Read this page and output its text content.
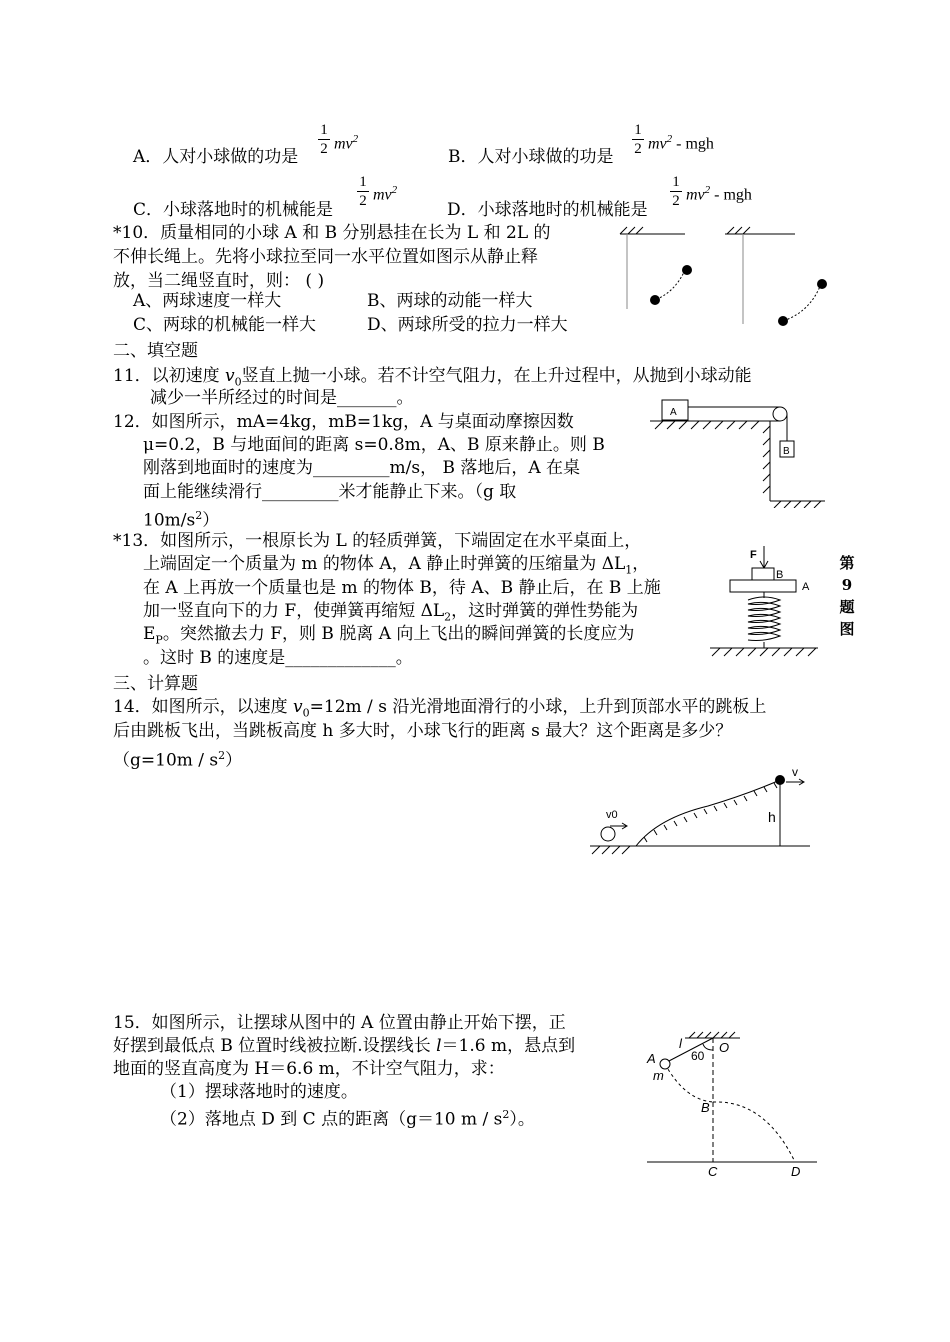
A．人对小球做的功是
1
2 $mv^2$
B．人对小球做的功是
1
2 $mv^2$ - mgh
C．小球落地时的机械能是
1
2 $mv^2$
D．小球落地时的机械能是
1
2 $mv^2$ - mgh
*10．质量相同的小球 A 和 B 分别悬挂在长为 L 和 2L 的
不伸长绳上。先将小球拉至同一水平位置如图示从静止释
放，当二绳竖直时，则： ( )
A、两球速度一样大	B、两球的动能一样大
C、两球的机械能一样大	D、两球所受的拉力一样大
二、填空题
11．以初速度 $v_0$竖直上抛一小球。若不计空气阻力，在上升过程中，从抛到小球动能
减少一半所经过的时间是_______。
12．如图所示，mA=4kg，mB=1kg，A 与桌面动摩擦因数
μ=0.2，B 与地面间的距离 s=0.8m，A、B 原来静止。则 B
刚落到地面时的速度为_________m/s， B 落地后，A 在桌
面上能继续滑行_________米才能静止下来。（g 取
$10m/s^2$）
A
B
*13．如图所示，一根原长为 L 的轻质弹簧，下端固定在水平桌面上，
上端固定一个质量为 m 的物体 A，A 静止时弹簧的压缩量为 $\Delta L_1$，
在 A 上再放一个质量也是 m 的物体 B，待 A、B 静止后，在 B 上施
加一竖直向下的力 F，使弹簧再缩短 $\Delta L_2$，这时弹簧的弹性势能为
$E_P$。突然撤去力 F，则 B 脱离 A 向上飞出的瞬间弹簧的长度应为
。这时 B 的速度是_____________。
F
B
A
第
9
题
图
三、计算题
14．如图所示，以速度 $v_0=12m / s$ 沿光滑地面滑行的小球，上升到顶部水平的跳板上
后由跳板飞出，当跳板高度 h 多大时，小球飞行的距离 s 最大？这个距离是多少？
$(g=10m / s^2)$
v
v0	h
15．如图所示，让摆球从图中的 A 位置由静止开始下摆，正
好摆到最低点 B 位置时线被拉断.设摆线长 l＝1.6 m，悬点到
地面的竖直高度为 H＝6.6 m，不计空气阻力，求：
（1）摆球落地时的速度。
（2）落地点 D 到 C 点的距离（g＝10 m / $s^2$）。
A
m
l
60
O
B
C	D
